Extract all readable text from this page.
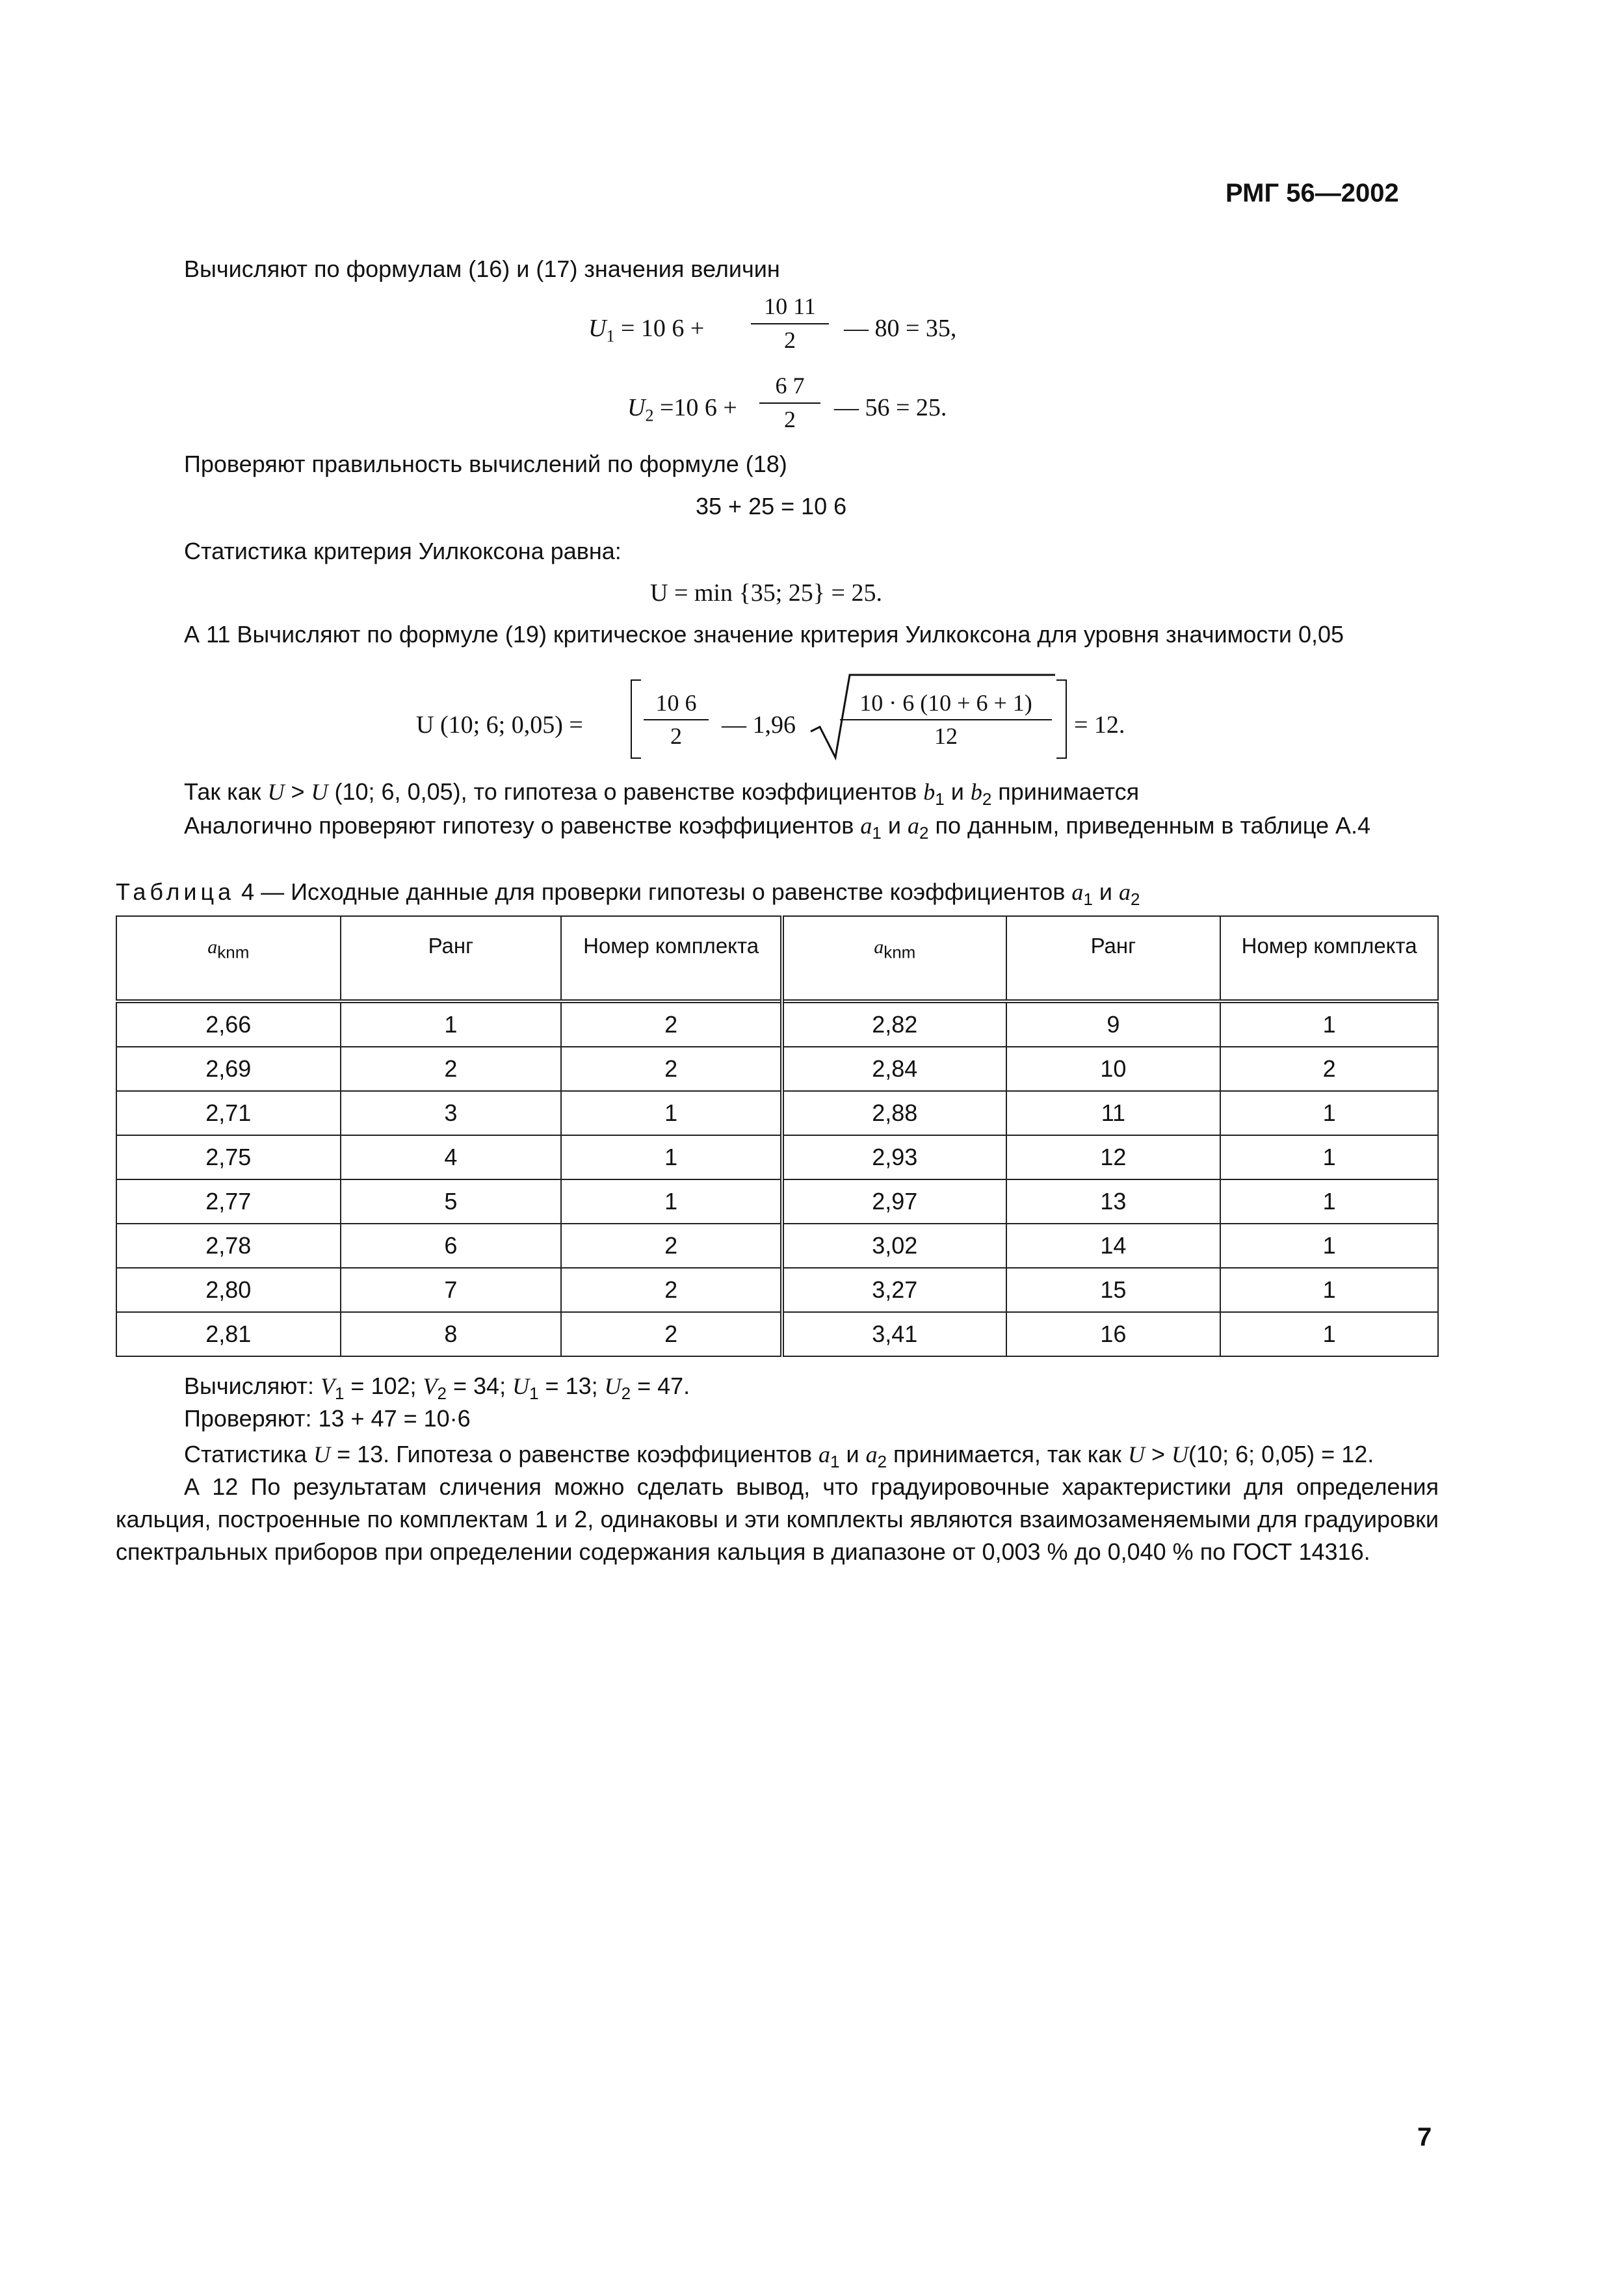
РМГ 56—2002
Вычисляют по формулам (16) и (17) значения величин
$U_1 = 10$ 6 +
10 11
2	— 80 = 35,
$U_2 =10$ 6 +
6 7
2	— 56 = 25.
Проверяют правильность вычислений по формуле (18)
35 + 25 = 10 6
Статистика критерия Уилкоксона равна:
U = min {35; 25} = 25.
А 11 Вычисляют по формуле (19) критическое значение критерия Уилкоксона для уровня значимости 0,05
U (10; 6; 0,05) =
10 6
2	— 1,96
10 · 6 (10 + 6 + 1)
12	= 12.
Так как U > U (10; 6, 0,05), то гипотеза о равенстве коэффициентов $b_1$ и $b_2$ принимается
Аналогично проверяют гипотезу о равенстве коэффициентов $a_1$ и $a_2$ по данным, приведенным в таблице А.4
Таблица 4 — Исходные данные для проверки гипотезы о равенстве коэффициентов $a_1$ и $a_2$
$a_{knm}$	Ранг	Номер комплекта	$a_{knm}$	Ранг	Номер комплекта
2,66	1	2	2,82	9	1
2,69	2	2	2,84	10	2
2,71	3	1	2,88	11	1
2,75	4	1	2,93	12	1
2,77	5	1	2,97	13	1
2,78	6	2	3,02	14	1
2,80	7	2	3,27	15	1
2,81	8	2	3,41	16	1
Вычисляют: $V_1 = 102$; $V_2 = 34$; $U_1 = 13$; $U_2 = 47$.
Проверяют: 13 + 47 = 10·6
Статистика U = 13. Гипотеза о равенстве коэффициентов $a_1$ и $a_2$ принимается, так как U > U(10; 6; 0,05) = 12.
А 12 По результатам сличения можно сделать вывод, что градуировочные характеристики для определения кальция, построенные по комплектам 1 и 2, одинаковы и эти комплекты являются взаимозаменяемыми для градуировки спектральных приборов при определении содержания кальция в диапазоне от 0,003 % до 0,040 % по ГОСТ 14316.
7
